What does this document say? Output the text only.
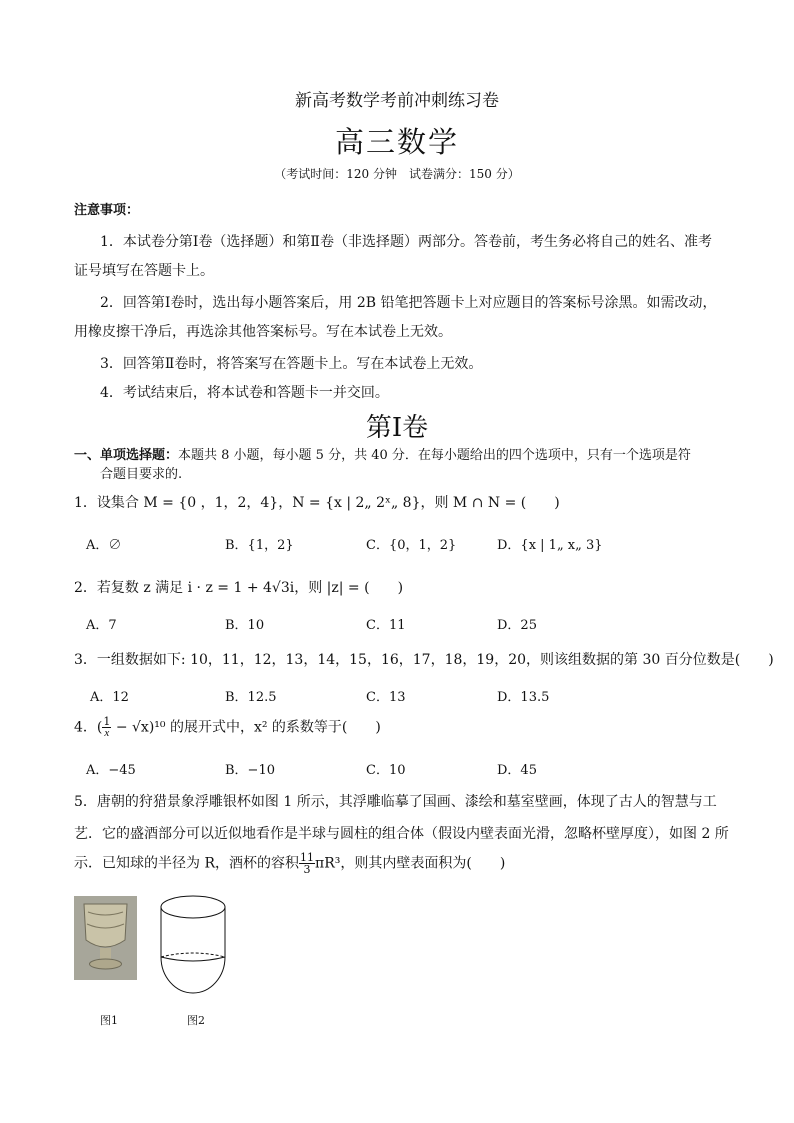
新高考数学考前冲刺练习卷
高三数学
（考试时间：120 分钟　试卷满分：150 分）
注意事项：
1．本试卷分第Ⅰ卷（选择题）和第Ⅱ卷（非选择题）两部分。答卷前，考生务必将自己的姓名、准考
证号填写在答题卡上。
2．回答第Ⅰ卷时，选出每小题答案后，用 2B 铅笔把答题卡上对应题目的答案标号涂黑。如需改动，
用橡皮擦干净后，再选涂其他答案标号。写在本试卷上无效。
3．回答第Ⅱ卷时，将答案写在答题卡上。写在本试卷上无效。
4．考试结束后，将本试卷和答题卡一并交回。
第Ⅰ卷
一、单项选择题：本题共 8 小题，每小题 5 分，共 40 分．在每小题给出的四个选项中，只有一个选项是符
合题目要求的.
1．设集合 M = {0 ，1，2，4}，N = {x | 2„ 2ˣ„ 8}，则 M ∩ N = (　　)
A．∅	B．{1，2}	C．{0，1，2}	D．{x | 1„ x„ 3}
2．若复数 z 满足 i · z = 1 + 4√3i，则 |z| = (　　)
A．7	B．10	C．11	D．25
3．一组数据如下: 10，11，12，13，14，15，16，17，18，19，20，则该组数据的第 30 百分位数是(　　)
A．12	B．12.5	C．13	D．13.5
4．( $\frac{1}{x} - √x)^{10}$ 的展开式中，x² 的系数等于(　　)
A．−45	B．−10	C．10	D．45
5．唐朝的狩猎景象浮雕银杯如图 1 所示，其浮雕临摹了国画、漆绘和墓室壁画，体现了古人的智慧与工
艺．它的盛酒部分可以近似地看作是半球与圆柱的组合体（假设内壁表面光滑，忽略杯壁厚度），如图 2 所
示．已知球的半径为 R，酒杯的容积 $\frac{11}{3} \pi R^3$，则其内壁表面积为(　　)
图1	图2
